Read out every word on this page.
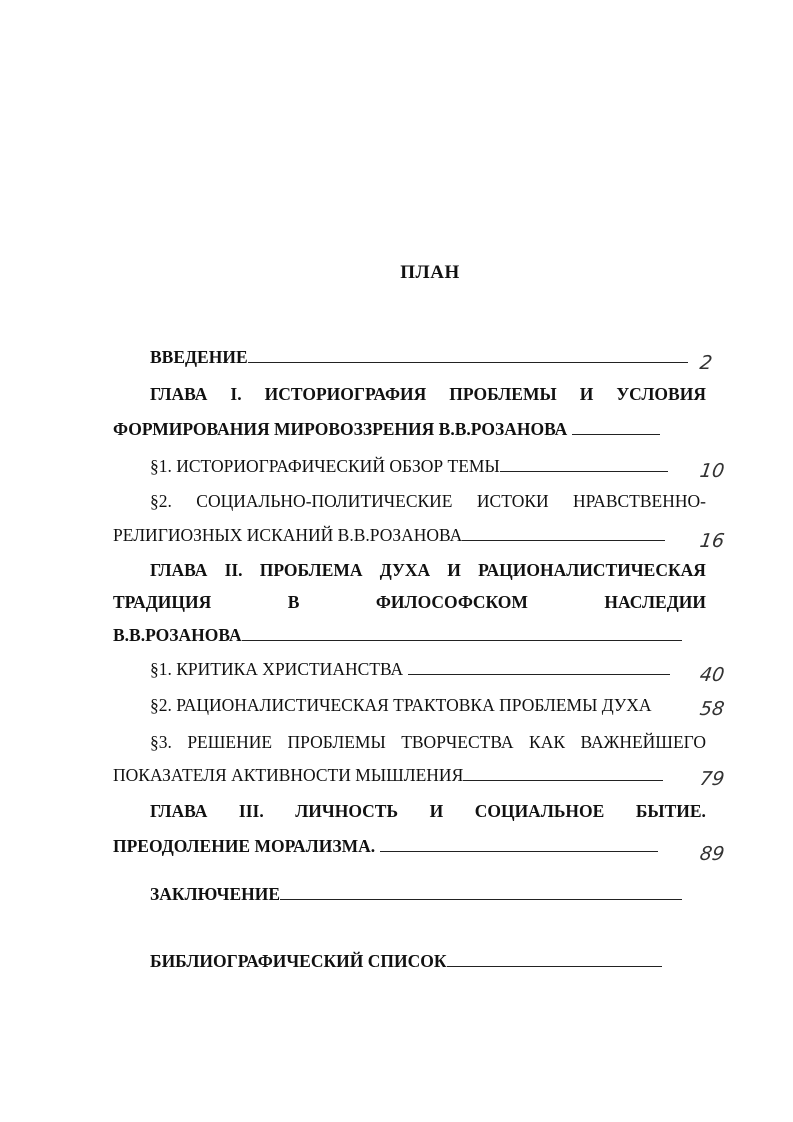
ПЛАН
ВВЕДЕНИЕ	2
ГЛАВА I. ИСТОРИОГРАФИЯ ПРОБЛЕМЫ И УСЛОВИЯ
ФОРМИРОВАНИЯ МИРОВОЗЗРЕНИЯ В.В.РОЗАНОВА
§1. ИСТОРИОГРАФИЧЕСКИЙ ОБЗОР ТЕМЫ	10
§2. СОЦИАЛЬНО-ПОЛИТИЧЕСКИЕ ИСТОКИ НРАВСТВЕННО-
РЕЛИГИОЗНЫХ ИСКАНИЙ В.В.РОЗАНОВА	16
ГЛАВА II. ПРОБЛЕМА ДУХА И РАЦИОНАЛИСТИЧЕСКАЯ
ТРАДИЦИЯ	В	ФИЛОСОФСКОМ	НАСЛЕДИИ
В.В.РОЗАНОВА
§1. КРИТИКА ХРИСТИАНСТВА	40
§2. РАЦИОНАЛИСТИЧЕСКАЯ ТРАКТОВКА ПРОБЛЕМЫ ДУХА 58
§3. РЕШЕНИЕ ПРОБЛЕМЫ ТВОРЧЕСТВА КАК ВАЖНЕЙШЕГО
ПОКАЗАТЕЛЯ АКТИВНОСТИ МЫШЛЕНИЯ	79
ГЛАВА III. ЛИЧНОСТЬ И СОЦИАЛЬНОЕ БЫТИЕ.
ПРЕОДОЛЕНИЕ МОРАЛИЗМА.	89
ЗАКЛЮЧЕНИЕ
БИБЛИОГРАФИЧЕСКИЙ СПИСОК
